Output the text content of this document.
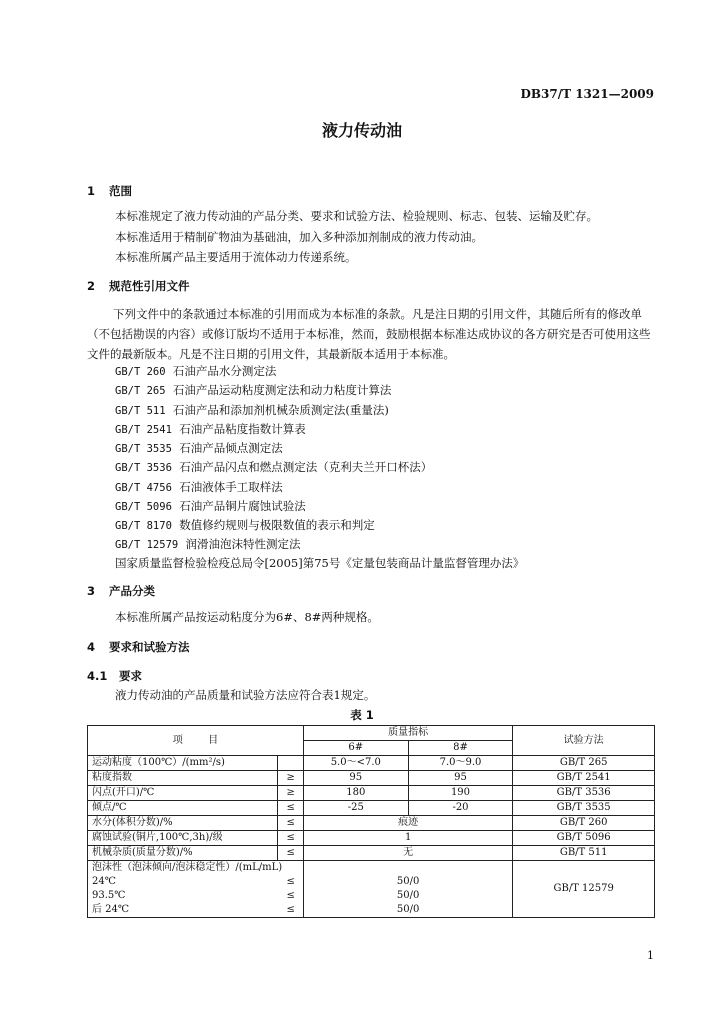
DB37/T 1321—2009
液力传动油
1 范围
本标准规定了液力传动油的产品分类、要求和试验方法、检验规则、标志、包装、运输及贮存。
本标准适用于精制矿物油为基础油，加入多种添加剂制成的液力传动油。
本标准所属产品主要适用于流体动力传递系统。
2 规范性引用文件
下列文件中的条款通过本标准的引用而成为本标准的条款。凡是注日期的引用文件，其随后所有的修改单（不包括勘误的内容）或修订版均不适用于本标准，然而，鼓励根据本标准达成协议的各方研究是否可使用这些文件的最新版本。凡是不注日期的引用文件，其最新版本适用于本标准。
GB/T 260 石油产品水分测定法
GB/T 265 石油产品运动粘度测定法和动力粘度计算法
GB/T 511 石油产品和添加剂机械杂质测定法(重量法)
GB/T 2541 石油产品粘度指数计算表
GB/T 3535 石油产品倾点测定法
GB/T 3536 石油产品闪点和燃点测定法（克利夫兰开口杯法）
GB/T 4756 石油液体手工取样法
GB/T 5096 石油产品铜片腐蚀试验法
GB/T 8170 数值修约规则与极限数值的表示和判定
GB/T 12579 润滑油泡沫特性测定法
国家质量监督检验检疫总局令[2005]第75号《定量包装商品计量监督管理办法》
3 产品分类
本标准所属产品按运动粘度分为6#、8#两种规格。
4 要求和试验方法
4.1 要求
液力传动油的产品质量和试验方法应符合表1规定。
表 1
项        目		质量指标		试验方法
		6#	8#	
运动粘度（100℃）/(mm²/s)		5.0～<7.0	7.0～9.0	GB/T 265
粘度指数	≥	95	95	GB/T 2541
闪点(开口)/℃	≥	180	190	GB/T 3536
倾点/℃	≤	-25	-20	GB/T 3535
水分(体积分数)/%	≤	痕迹		GB/T 260
腐蚀试验(铜片,100℃,3h)/级	≤	1		GB/T 5096
机械杂质(质量分数)/%	≤	无		GB/T 511
泡沫性（泡沫倾向/泡沫稳定性）/(mL/mL)				GB/T 12579
24℃	≤	50/0		
93.5℃	≤	50/0		
后 24℃	≤	50/0		
1
